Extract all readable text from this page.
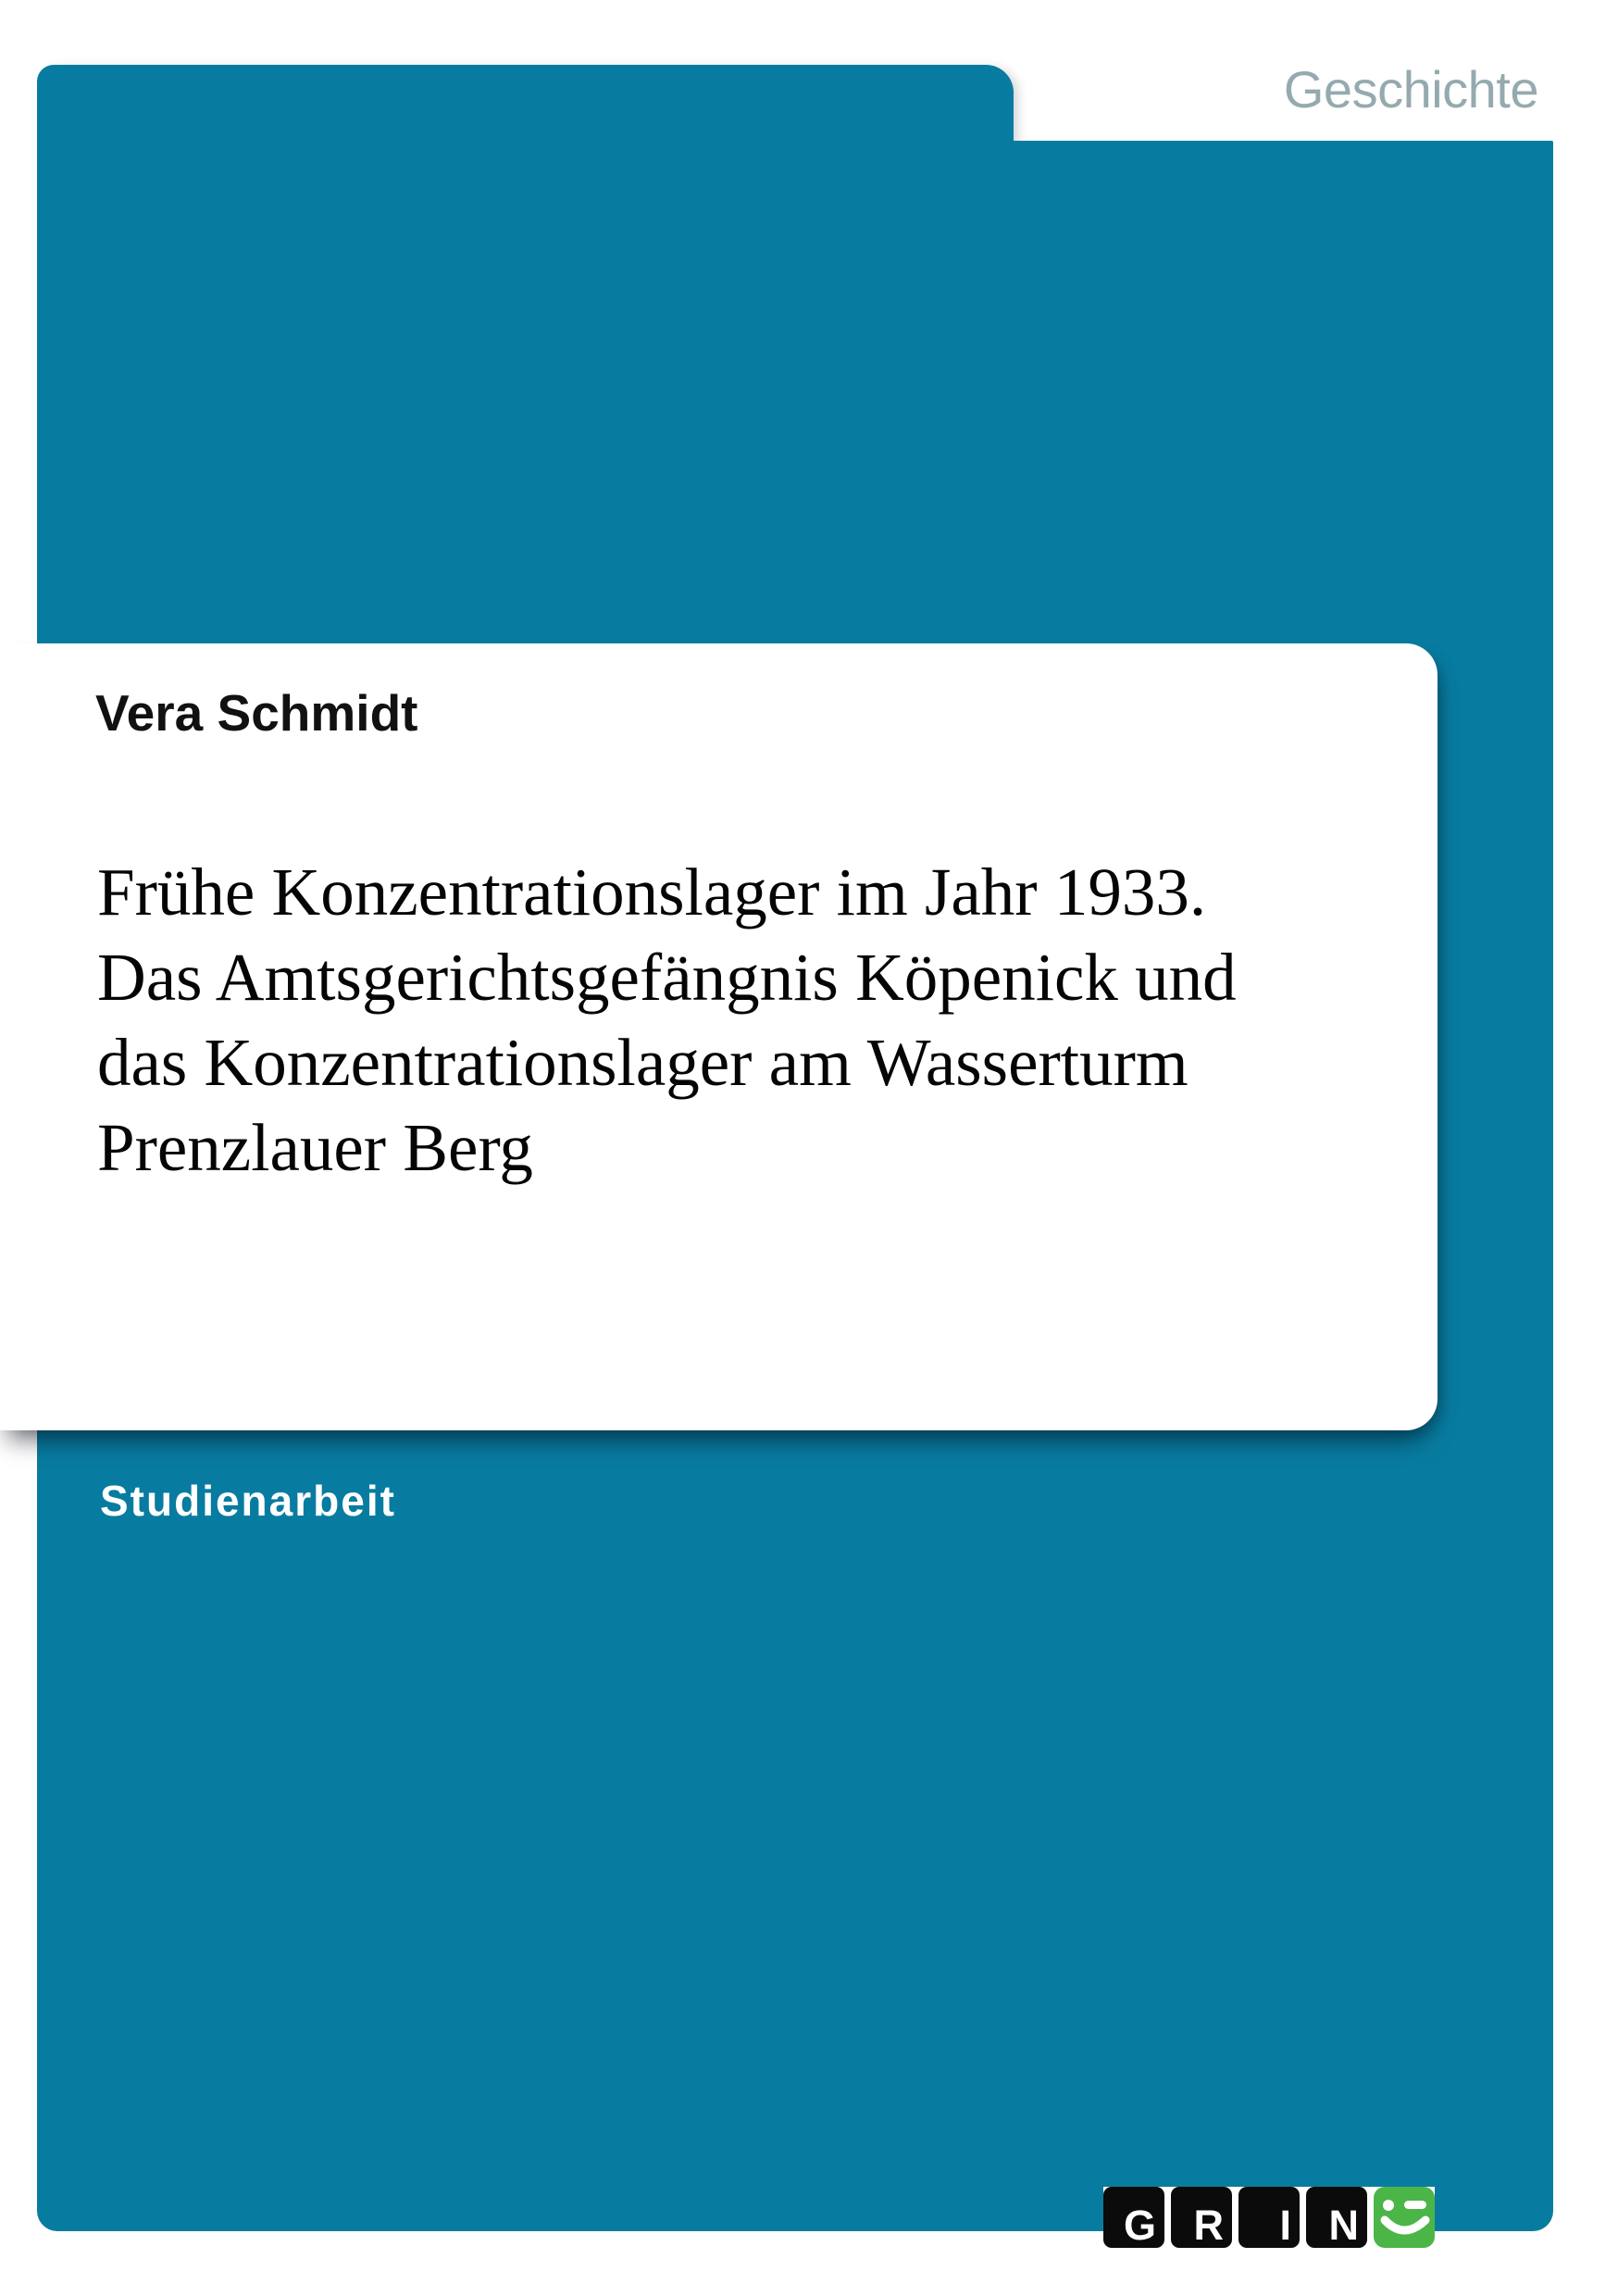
Geschichte
Vera Schmidt
Frühe Konzentrationslager im Jahr 1933.
Das Amtsgerichtsgefängnis Köpenick und
das Konzentrationslager am Wasserturm
Prenzlauer Berg
Studienarbeit
G R	I N
